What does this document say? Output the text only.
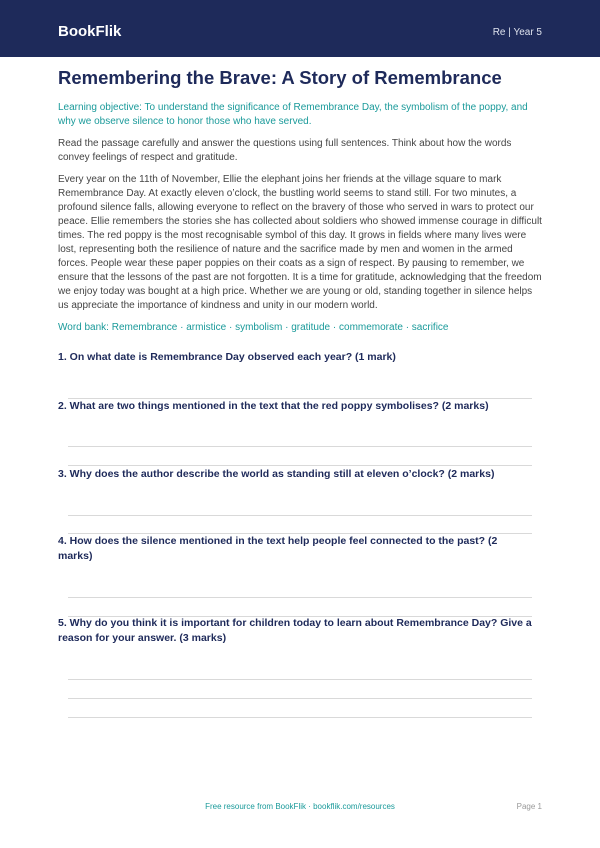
BookFlik	Re | Year 5
Remembering the Brave: A Story of Remembrance
Learning objective: To understand the significance of Remembrance Day, the symbolism of the poppy, and why we observe silence to honor those who have served.
Read the passage carefully and answer the questions using full sentences. Think about how the words convey feelings of respect and gratitude.
Every year on the 11th of November, Ellie the elephant joins her friends at the village square to mark Remembrance Day. At exactly eleven o’clock, the bustling world seems to stand still. For two minutes, a profound silence falls, allowing everyone to reflect on the bravery of those who served in wars to protect our peace. Ellie remembers the stories she has collected about soldiers who showed immense courage in difficult times. The red poppy is the most recognisable symbol of this day. It grows in fields where many lives were lost, representing both the resilience of nature and the sacrifice made by men and women in the armed forces. People wear these paper poppies on their coats as a sign of respect. By pausing to remember, we ensure that the lessons of the past are not forgotten. It is a time for gratitude, acknowledging that the freedom we enjoy today was bought at a high price. Whether we are young or old, standing together in silence helps us appreciate the importance of kindness and unity in our modern world.
Word bank: Remembrance · armistice · symbolism · gratitude · commemorate · sacrifice
1. On what date is Remembrance Day observed each year? (1 mark)
2. What are two things mentioned in the text that the red poppy symbolises? (2 marks)
3. Why does the author describe the world as standing still at eleven o’clock? (2 marks)
4. How does the silence mentioned in the text help people feel connected to the past? (2 marks)
5. Why do you think it is important for children today to learn about Remembrance Day? Give a reason for your answer. (3 marks)
Free resource from BookFlik · bookflik.com/resources	Page 1
